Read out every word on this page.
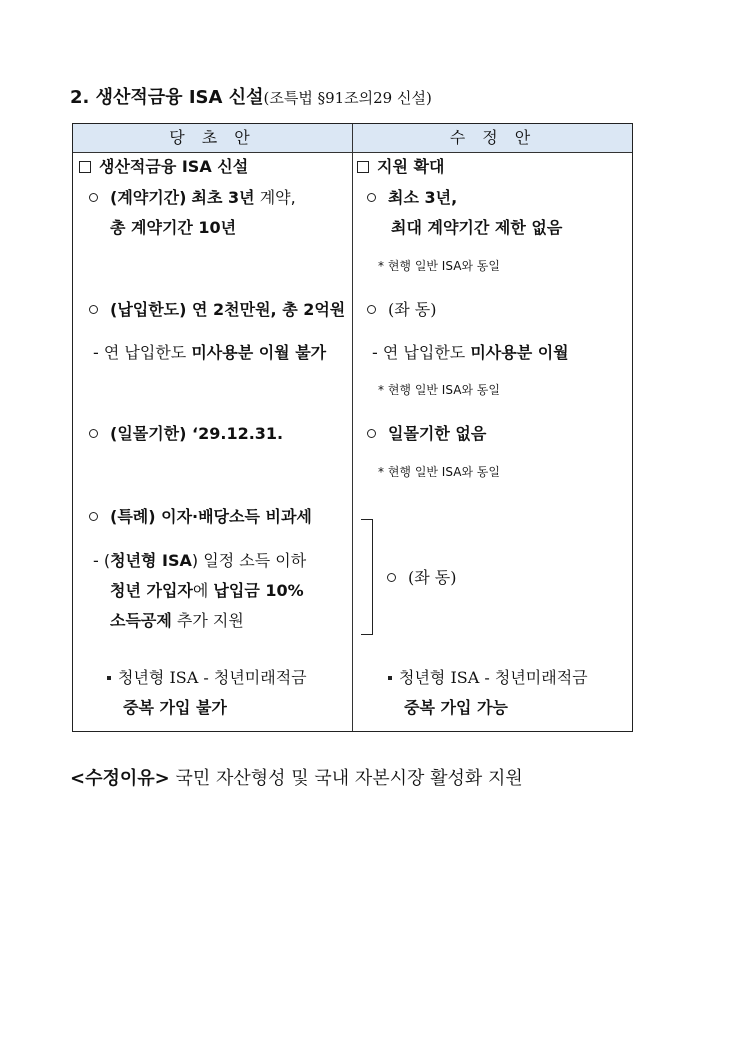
2. 생산적금융 ISA 신설(조특법 §91조의29 신설)
당 초 안	수 정 안
생산적금융 ISA 신설
(계약기간) 최초 3년 계약,
총 계약기간 10년
(납입한도) 연 2천만원, 총 2억원
- 연 납입한도 미사용분 이월 불가
(일몰기한) ‘29.12.31.
(특례) 이자·배당소득 비과세
- (청년형 ISA) 일정 소득 이하
청년 가입자에 납입금 10%
소득공제 추가 지원
청년형 ISA - 청년미래적금
중복 가입 불가
지원 확대
최소 3년,
최대 계약기간 제한 없음
* 현행 일반 ISA와 동일
(좌 동)
- 연 납입한도 미사용분 이월
* 현행 일반 ISA와 동일
일몰기한 없음
* 현행 일반 ISA와 동일
(좌 동)
청년형 ISA - 청년미래적금
중복 가입 가능
<수정이유> 국민 자산형성 및 국내 자본시장 활성화 지원
